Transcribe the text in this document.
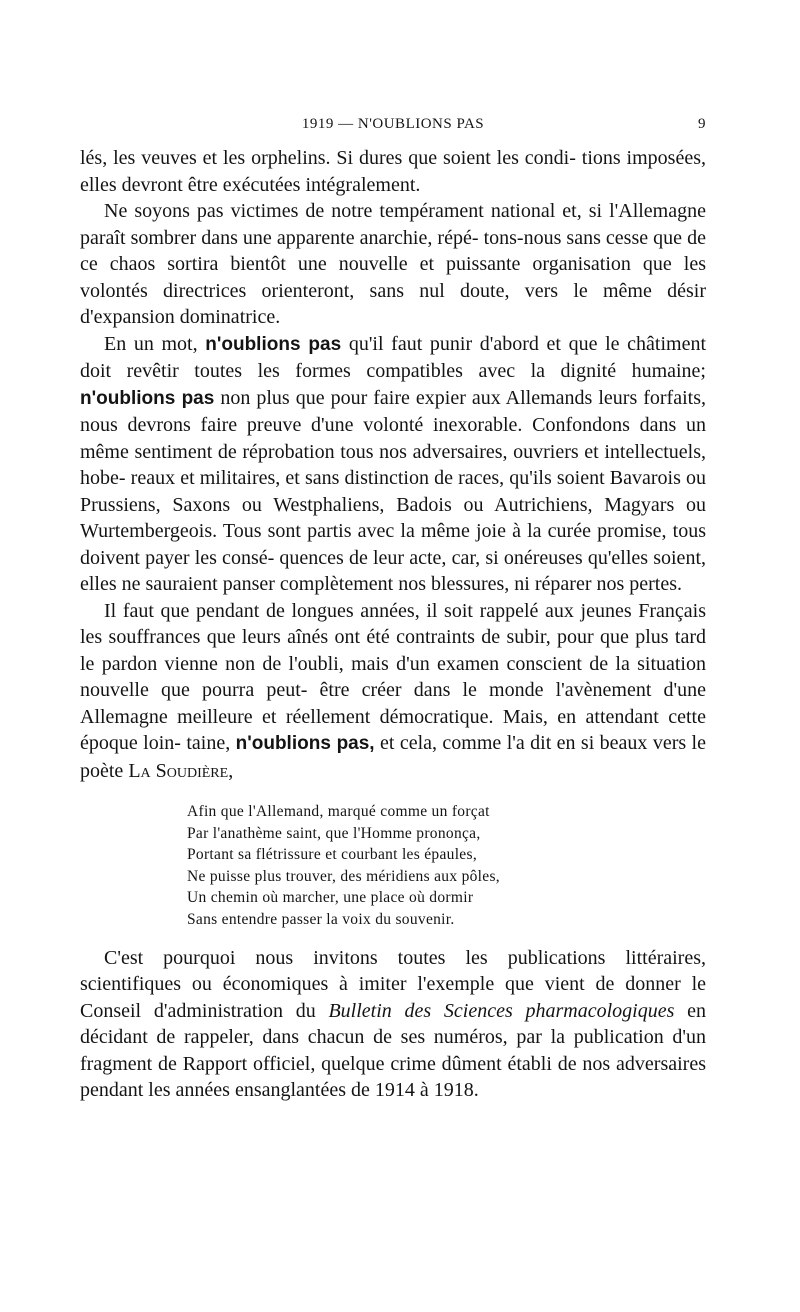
1919 — N'OUBLIONS PAS	9

lés, les veuves et les orphelins. Si dures que soient les condi- tions imposées, elles devront être exécutées intégralement.

Ne soyons pas victimes de notre tempérament national et, si l'Allemagne paraît sombrer dans une apparente anarchie, répé- tons-nous sans cesse que de ce chaos sortira bientôt une nouvelle et puissante organisation que les volontés directrices orienteront, sans nul doute, vers le même désir d'expansion dominatrice.

En un mot, n'oublions pas qu'il faut punir d'abord et que le châtiment doit revêtir toutes les formes compatibles avec la dignité humaine; n'oublions pas non plus que pour faire expier aux Allemands leurs forfaits, nous devrons faire preuve d'une volonté inexorable. Confondons dans un même sentiment de réprobation tous nos adversaires, ouvriers et intellectuels, hobe- reaux et militaires, et sans distinction de races, qu'ils soient Bavarois ou Prussiens, Saxons ou Westphaliens, Badois ou Autrichiens, Magyars ou Wurtembergeois. Tous sont partis avec la même joie à la curée promise, tous doivent payer les consé- quences de leur acte, car, si onéreuses qu'elles soient, elles ne sauraient panser complètement nos blessures, ni réparer nos pertes.

Il faut que pendant de longues années, il soit rappelé aux jeunes Français les souffrances que leurs aînés ont été contraints de subir, pour que plus tard le pardon vienne non de l'oubli, mais d'un examen conscient de la situation nouvelle que pourra peut- être créer dans le monde l'avènement d'une Allemagne meilleure et réellement démocratique. Mais, en attendant cette époque loin- taine, n'oublions pas, et cela, comme l'a dit en si beaux vers le poète La Soudière,

Afin que l'Allemand, marqué comme un forçat
Par l'anathème saint, que l'Homme prononça,
Portant sa flétrissure et courbant les épaules,
Ne puisse plus trouver, des méridiens aux pôles,
Un chemin où marcher, une place où dormir
Sans entendre passer la voix du souvenir.

C'est pourquoi nous invitons toutes les publications littéraires, scientifiques ou économiques à imiter l'exemple que vient de donner le Conseil d'administration du Bulletin des Sciences pharmacologiques en décidant de rappeler, dans chacun de ses numéros, par la publication d'un fragment de Rapport officiel, quelque crime dûment établi de nos adversaires pendant les années ensanglantées de 1914 à 1918.
